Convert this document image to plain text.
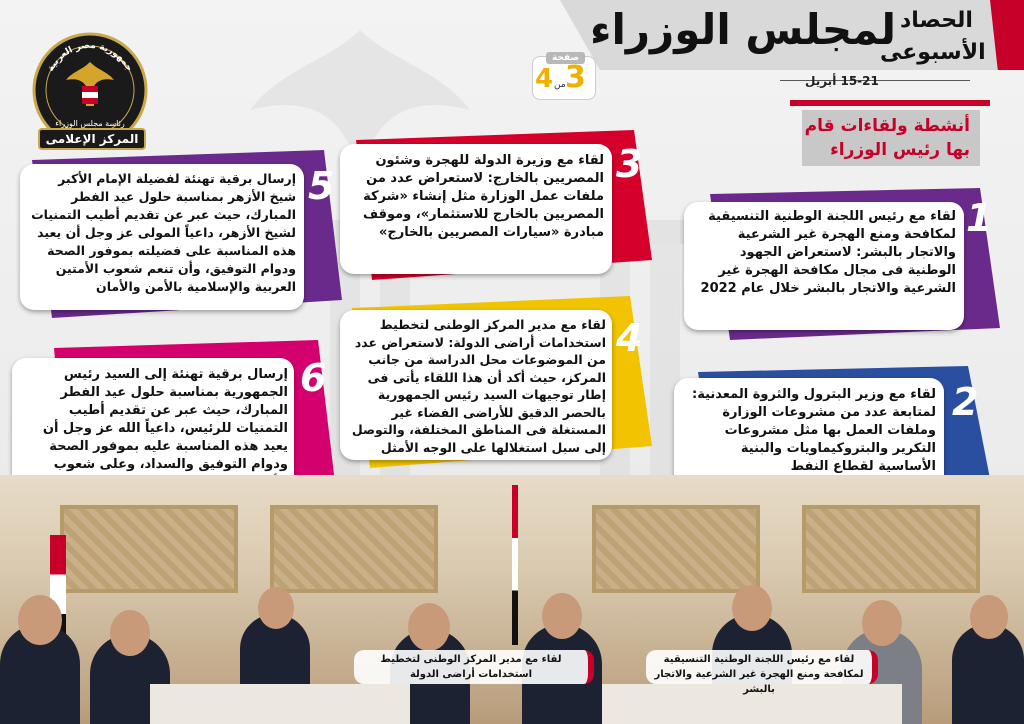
لمجلس الوزراء الحصاد
الأسبوعى
15-21 أبريل
صفحة
3
من
4
جمهورية مصر العربية
رئاسة مجلس الوزراء
المركز الإعلامى
أنشطة ولقاءات قام بها رئيس الوزراء
لقاء مع رئيس اللجنة الوطنية التنسيقية لمكافحة ومنع الهجرة غير الشرعية والاتجار بالبشر: لاستعراض الجهود الوطنية فى مجال مكافحة الهجرة غير الشرعية والاتجار بالبشر خلال عام 2022
1
لقاء مع وزير البترول والثروة المعدنية: لمتابعة عدد من مشروعات الوزارة وملفات العمل بها مثل مشروعات التكرير والبتروكيماويات والبنية الأساسية لقطاع النفط
2
لقاء مع وزيرة الدولة للهجرة وشئون المصريين بالخارج: لاستعراض عدد من ملفات عمل الوزارة مثل إنشاء «شركة المصريين بالخارج للاستثمار»، وموقف مبادرة «سيارات المصريين بالخارج»
3
لقاء مع مدير المركز الوطنى لتخطيط استخدامات أراضى الدولة: لاستعراض عدد من الموضوعات محل الدراسة من جانب المركز، حيث أكد أن هذا اللقاء يأتى فى إطار توجيهات السيد رئيس الجمهورية بالحصر الدقيق للأراضى الفضاء غير المستغلة فى المناطق المختلفة، والتوصل إلى سبل استغلالها على الوجه الأمثل
4
إرسال برقية تهنئة لفضيلة الإمام الأكبر شيخ الأزهر بمناسبة حلول عيد الفطر المبارك، حيث عبر عن تقديم أطيب التمنيات لشيخ الأزهر، داعياً المولى عز وجل أن يعيد هذه المناسبة على فضيلته بموفور الصحة ودوام التوفيق، وأن تنعم شعوب الأمتين العربية والإسلامية بالأمن والأمان
5
إرسال برقية تهنئة إلى السيد رئيس الجمهورية بمناسبة حلول عيد الفطر المبارك، حيث عبر عن تقديم أطيب التمنيات للرئيس، داعياً الله عز وجل أن يعيد هذه المناسبة عليه بموفور الصحة ودوام التوفيق والسداد، وعلى شعوب
6
لقاء مع مدير المركز الوطنى لتخطيط استخدامات أراضى الدولة
لقاء مع رئيس اللجنة الوطنية التنسيقية لمكافحة ومنع الهجرة غير الشرعية والاتجار بالبشر
